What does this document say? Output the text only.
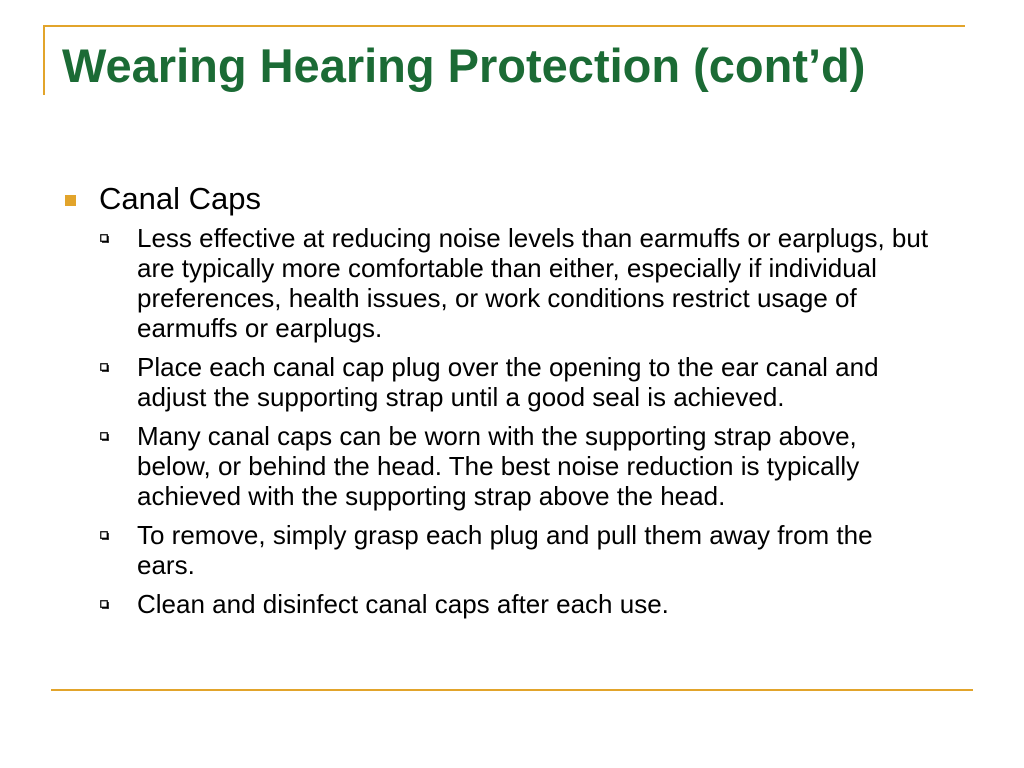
Wearing Hearing Protection (cont’d)
Canal Caps
Less effective at reducing noise levels than earmuffs or earplugs, but are typically more comfortable than either, especially if individual preferences, health issues, or work conditions restrict usage of earmuffs or earplugs.
Place each canal cap plug over the opening to the ear canal and adjust the supporting strap until a good seal is achieved.
Many canal caps can be worn with the supporting strap above, below, or behind the head. The best noise reduction is typically achieved with the supporting strap above the head.
To remove, simply grasp each plug and pull them away from the ears.
Clean and disinfect canal caps after each use.
